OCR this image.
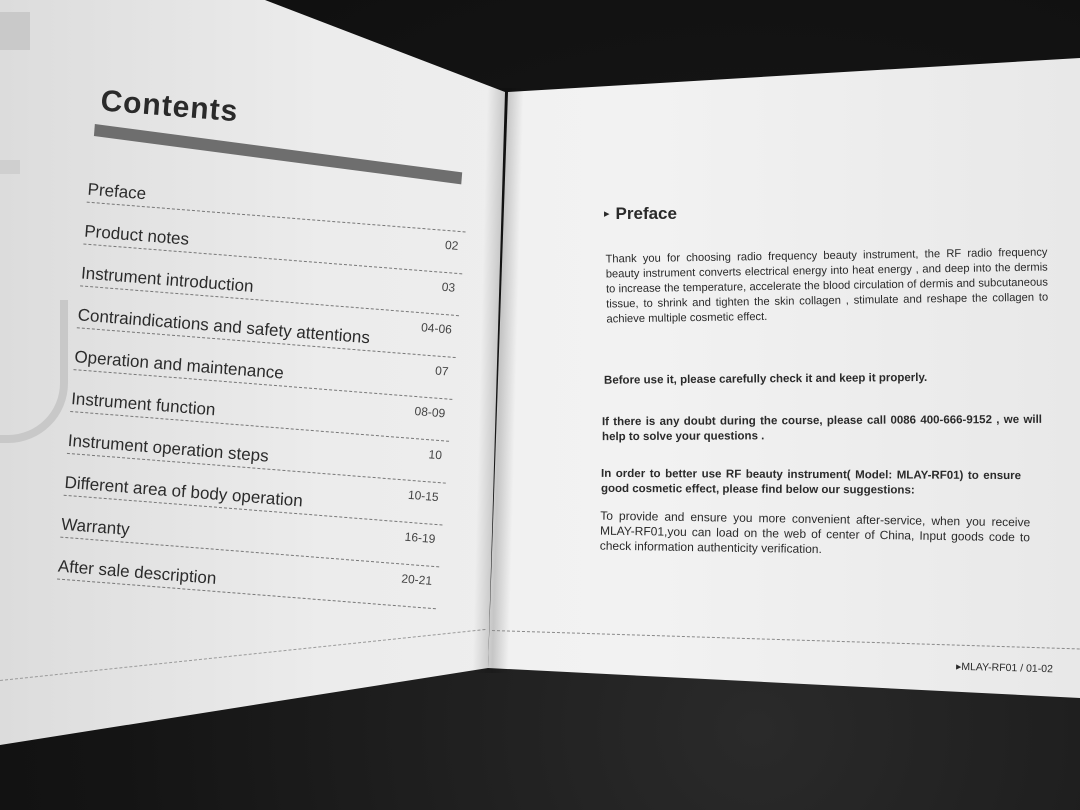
Contents
Preface
02
Product notes
03
Instrument introduction
04-06
Contraindications and safety attentions
07
Operation and maintenance
08-09
Instrument function
10
Instrument operation steps
10-15
Different area of body operation
16-19
Warranty
20-21
After sale description
▸ Preface
Thank you for choosing radio frequency beauty instrument, the RF radio frequency beauty instrument converts electrical energy into heat energy , and deep into the dermis to increase the temperature, accelerate the blood circulation of dermis and subcutaneous tissue, to shrink and tighten the skin collagen , stimulate and reshape the collagen to achieve multiple cosmetic effect.
Before use it, please carefully check it and keep it properly.
If there is any doubt during the course, please call 0086 400-666-9152 , we will help to solve your questions .
In order to better use RF beauty instrument( Model: MLAY-RF01) to ensure good cosmetic effect, please find below our suggestions:
To provide and ensure you more convenient after-service, when you receive MLAY-RF01,you can load on the web of center of China, Input goods code to check information authenticity verification.
▸MLAY-RF01 / 01-02
